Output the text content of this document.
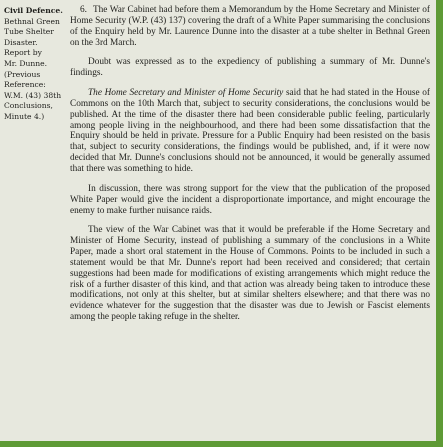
Civil Defence.
Bethnal Green
Tube Shelter
Disaster.
Report by
Mr. Dunne.
(Previous
Reference:
W.M. (43) 38th
Conclusions,
Minute 4.)

6. The War Cabinet had before them a Memorandum by the Home Secretary and Minister of Home Security (W.P. (43) 137) covering the draft of a White Paper summarising the conclusions of the Enquiry held by Mr. Laurence Dunne into the disaster at a tube shelter in Bethnal Green on the 3rd March.

Doubt was expressed as to the expediency of publishing a summary of Mr. Dunne's findings.

The Home Secretary and Minister of Home Security said that he had stated in the House of Commons on the 10th March that, subject to security considerations, the conclusions would be published. At the time of the disaster there had been considerable public feeling, particularly among people living in the neighbourhood, and there had been some dissatisfaction that the Enquiry should be held in private. Pressure for a Public Enquiry had been resisted on the basis that, subject to security considerations, the findings would be published, and, if it were now decided that Mr. Dunne's conclusions should not be announced, it would be generally assumed that there was something to hide.

In discussion, there was strong support for the view that the publication of the proposed White Paper would give the incident a disproportionate importance, and might encourage the enemy to make further nuisance raids.

The view of the War Cabinet was that it would be preferable if the Home Secretary and Minister of Home Security, instead of publishing a summary of the conclusions in a White Paper, made a short oral statement in the House of Commons. Points to be included in such a statement would be that Mr. Dunne's report had been received and considered; that certain suggestions had been made for modifications of existing arrangements which might reduce the risk of a further disaster of this kind, and that action was already being taken to introduce these modifications, not only at this shelter, but at similar shelters elsewhere; and that there was no evidence whatever for the suggestion that the disaster was due to Jewish or Fascist elements among the people taking refuge in the shelter.
